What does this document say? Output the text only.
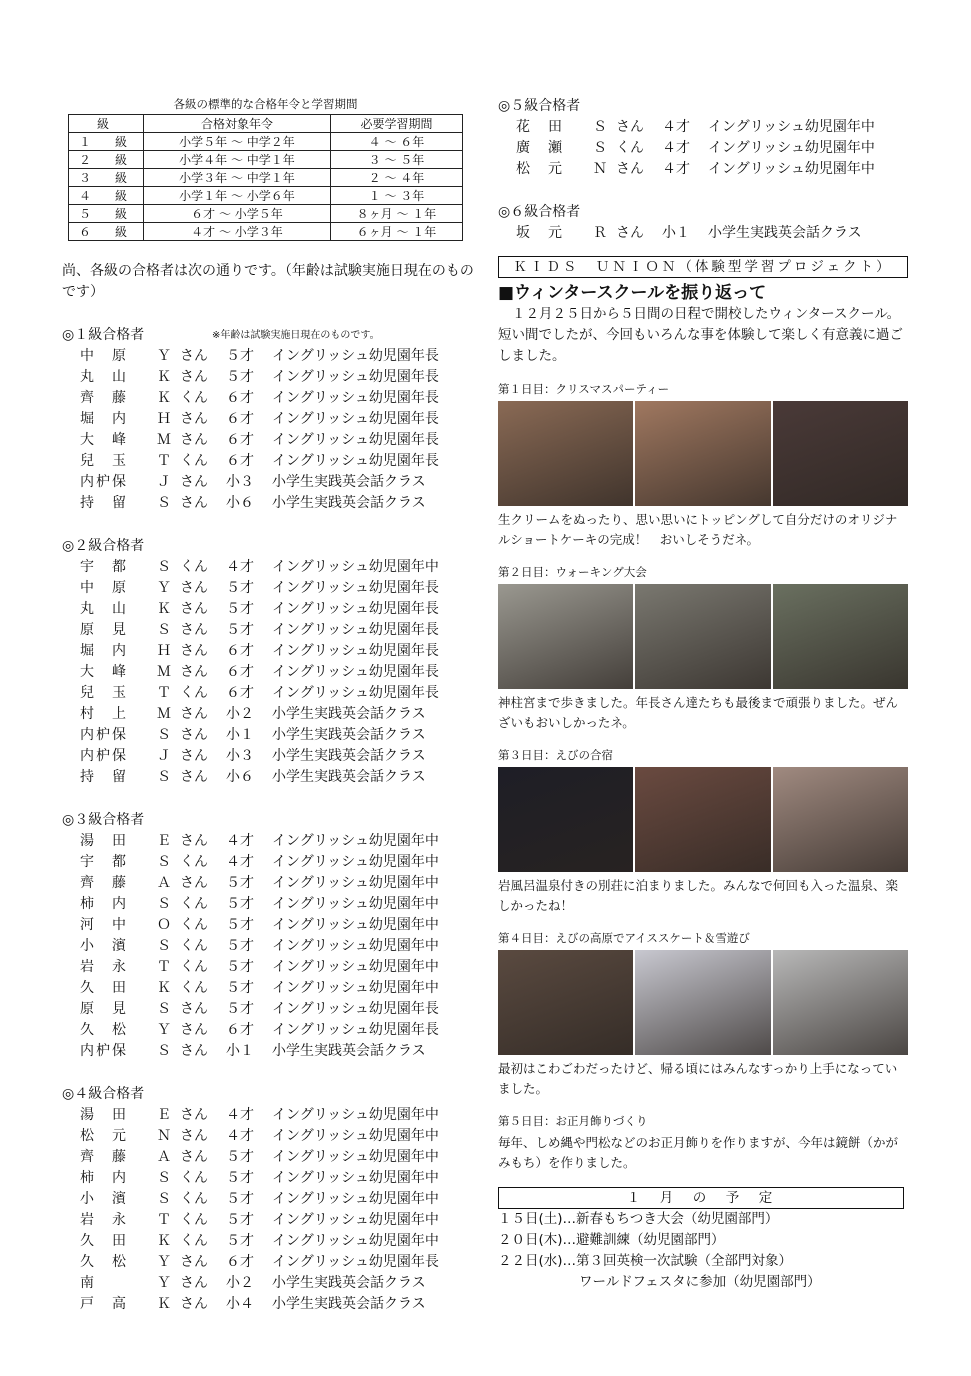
各級の標準的な合格年令と学習期間
級	合格対象年令	必要学習期間
１　級	小学５年 〜 中学２年	４ 〜 ６年
２　級	小学４年 〜 中学１年	３ 〜 ５年
３　級	小学３年 〜 中学１年	２ 〜 ４年
４　級	小学１年 〜 小学６年	１ 〜 ３年
５　級	６才 〜 小学５年	８ヶ月 〜 １年
６　級	４才 〜 小学３年	６ヶ月 〜 １年
尚、各級の合格者は次の通りです。（年齢は試験実施日現在のものです）
◎１級合格者	※年齢は試験実施日現在のものです。
中　原	Ｙ さん	５才	イングリッシュ幼児園年長
丸　山	Ｋ さん	５才	イングリッシュ幼児園年長
齊　藤	Ｋ くん	６才	イングリッシュ幼児園年長
堀　内	Ｈ さん	６才	イングリッシュ幼児園年長
大　峰	Ｍ さん	６才	イングリッシュ幼児園年長
兒　玉	Ｔ くん	６才	イングリッシュ幼児園年長
内枦保	Ｊ さん	小３	小学生実践英会話クラス
持　留	Ｓ さん	小６	小学生実践英会話クラス
◎２級合格者
宇　都	Ｓ くん	４才	イングリッシュ幼児園年中
中　原	Ｙ さん	５才	イングリッシュ幼児園年長
丸　山	Ｋ さん	５才	イングリッシュ幼児園年長
原　見	Ｓ さん	５才	イングリッシュ幼児園年長
堀　内	Ｈ さん	６才	イングリッシュ幼児園年長
大　峰	Ｍ さん	６才	イングリッシュ幼児園年長
兒　玉	Ｔ くん	６才	イングリッシュ幼児園年長
村　上	Ｍ さん	小２	小学生実践英会話クラス
内枦保	Ｓ さん	小１	小学生実践英会話クラス
内枦保	Ｊ さん	小３	小学生実践英会話クラス
持　留	Ｓ さん	小６	小学生実践英会話クラス
◎３級合格者
湯　田	Ｅ さん	４才	イングリッシュ幼児園年中
宇　都	Ｓ くん	４才	イングリッシュ幼児園年中
齊　藤	Ａ さん	５才	イングリッシュ幼児園年中
柿　内	Ｓ くん	５才	イングリッシュ幼児園年中
河　中	Ｏ くん	５才	イングリッシュ幼児園年中
小　濱	Ｓ くん	５才	イングリッシュ幼児園年中
岩　永	Ｔ くん	５才	イングリッシュ幼児園年中
久　田	Ｋ くん	５才	イングリッシュ幼児園年中
原　見	Ｓ さん	５才	イングリッシュ幼児園年長
久　松	Ｙ さん	６才	イングリッシュ幼児園年長
内枦保	Ｓ さん	小１	小学生実践英会話クラス
◎４級合格者
湯　田	Ｅ さん	４才	イングリッシュ幼児園年中
松　元	Ｎ さん	４才	イングリッシュ幼児園年中
齊　藤	Ａ さん	５才	イングリッシュ幼児園年中
柿　内	Ｓ くん	５才	イングリッシュ幼児園年中
小　濱	Ｓ くん	５才	イングリッシュ幼児園年中
岩　永	Ｔ くん	５才	イングリッシュ幼児園年中
久　田	Ｋ くん	５才	イングリッシュ幼児園年中
久　松	Ｙ さん	６才	イングリッシュ幼児園年長
南	Ｙ さん	小２	小学生実践英会話クラス
戸　高	Ｋ さん	小４	小学生実践英会話クラス
◎５級合格者
花　田	Ｓ さん	４才	イングリッシュ幼児園年中
廣　瀬	Ｓ くん	４才	イングリッシュ幼児園年中
松　元	Ｎ さん	４才	イングリッシュ幼児園年中
◎６級合格者
坂　元	Ｒ さん	小１	小学生実践英会話クラス
ＫＩＤＳ　ＵＮＩＯＮ（体験型学習プロジェクト）
■ウィンタースクールを振り返って
１２月２５日から５日間の日程で開校したウィンタースクール。短い間でしたが、今回もいろんな事を体験して楽しく有意義に過ごしました。
第１日目：クリスマスパーティー
生クリームをぬったり、思い思いにトッピングして自分だけのオリジナルショートケーキの完成！　おいしそうだネ。
第２日目：ウォーキング大会
神柱宮まで歩きました。年長さん達たちも最後まで頑張りました。ぜんざいもおいしかったネ。
第３日目：えびの合宿
岩風呂温泉付きの別荘に泊まりました。みんなで何回も入った温泉、楽しかったね！
第４日目：えびの高原でアイススケート＆雪遊び
最初はこわごわだったけど、帰る頃にはみんなすっかり上手になっていました。
第５日目：お正月飾りづくり
毎年、しめ縄や門松などのお正月飾りを作りますが、今年は鏡餅（かがみもち）を作りました。
１　月　の　予　定
１５日(土)…新春もちつき大会（幼児園部門）
２０日(木)…避難訓練（幼児園部門）
２２日(水)…第３回英検一次試験（全部門対象）
　　　　　　ワールドフェスタに参加（幼児園部門）
